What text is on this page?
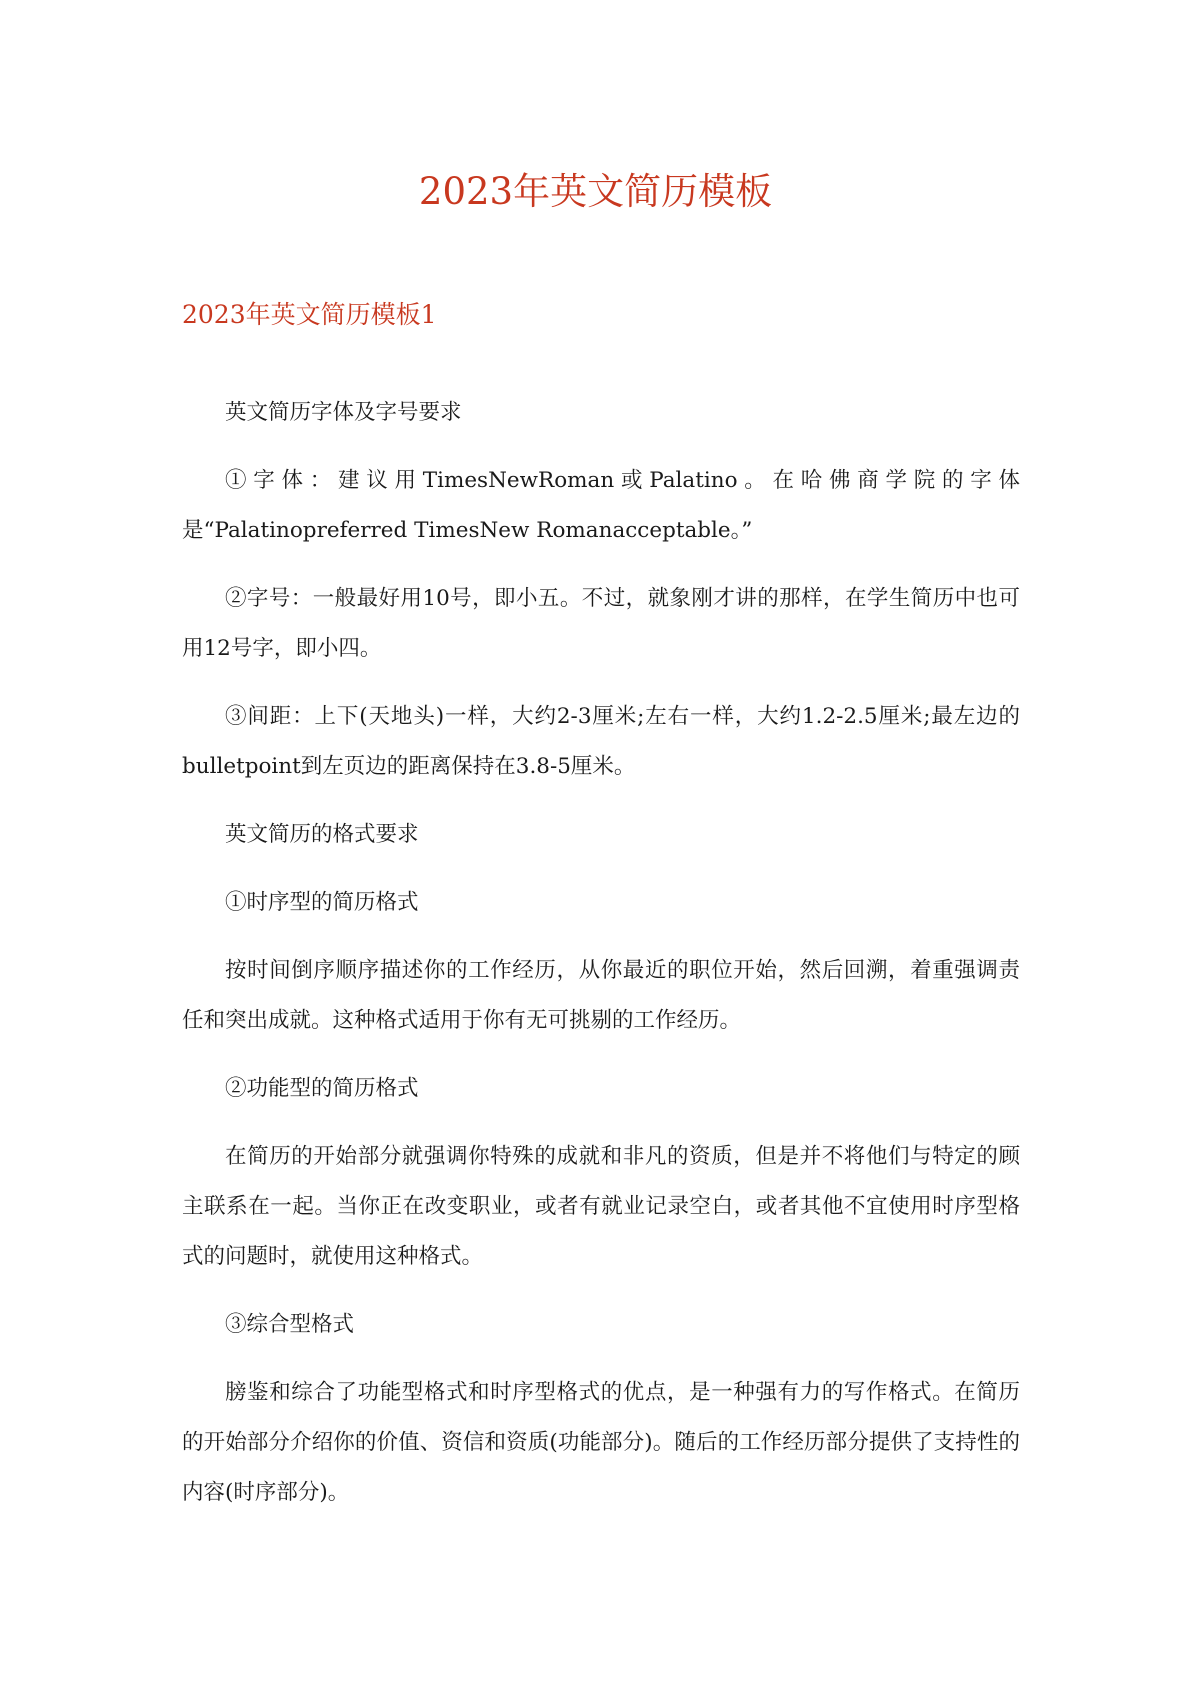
2023年英文简历模板
2023年英文简历模板1

英文简历字体及字号要求

①字体：建议用TimesNewRoman或Palatino。在哈佛商学院的字体是“Palatinopreferred TimesNew Romanacceptable。”

②字号：一般最好用10号，即小五。不过，就象刚才讲的那样，在学生简历中也可用12号字，即小四。

③间距：上下(天地头)一样，大约2-3厘米;左右一样，大约1.2-2.5厘米;最左边的bulletpoint到左页边的距离保持在3.8-5厘米。

英文简历的格式要求

①时序型的简历格式

按时间倒序顺序描述你的工作经历，从你最近的职位开始，然后回溯，着重强调责任和突出成就。这种格式适用于你有无可挑剔的工作经历。

②功能型的简历格式

在简历的开始部分就强调你特殊的成就和非凡的资质，但是并不将他们与特定的顾主联系在一起。当你正在改变职业，或者有就业记录空白，或者其他不宜使用时序型格式的问题时，就使用这种格式。

③综合型格式

膀鉴和综合了功能型格式和时序型格式的优点，是一种强有力的写作格式。在简历的开始部分介绍你的价值、资信和资质(功能部分)。随后的工作经历部分提供了支持性的内容(时序部分)。
